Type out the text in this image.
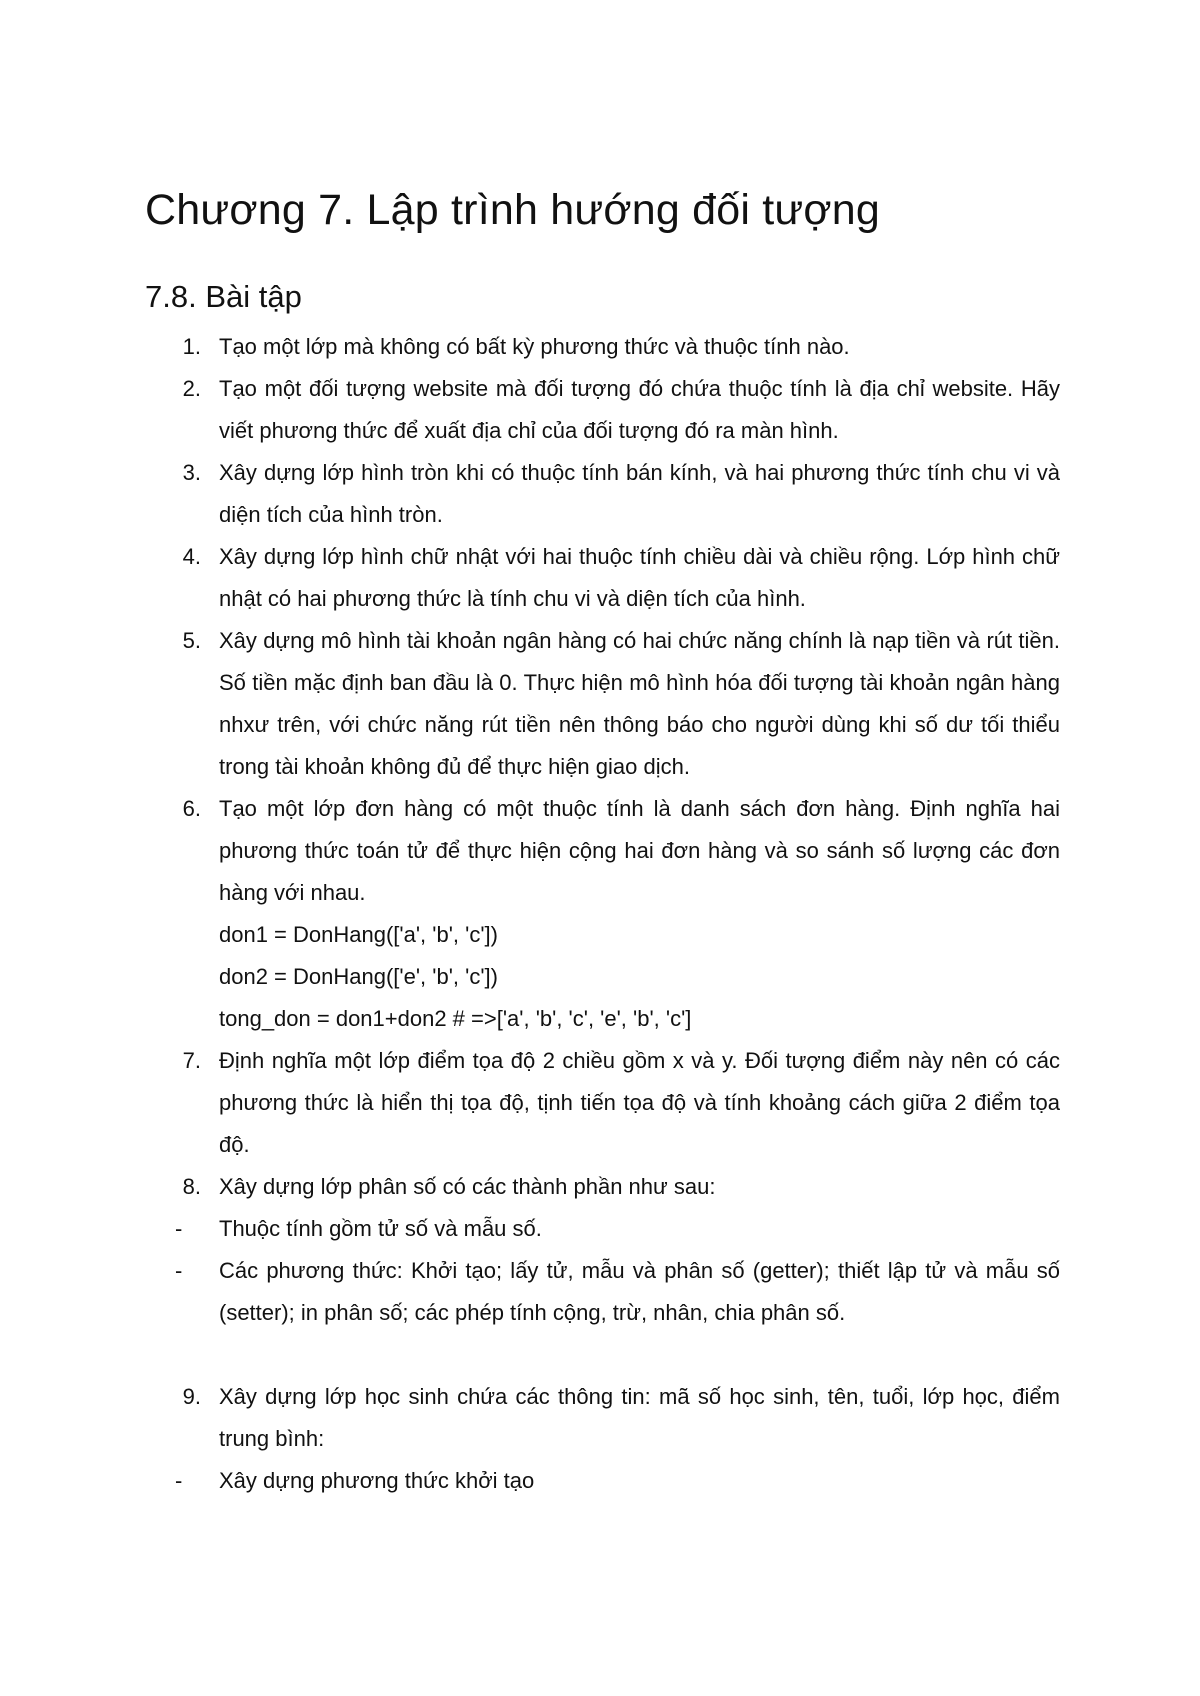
Chương 7. Lập trình hướng đối tượng
7.8. Bài tập
1. Tạo một lớp mà không có bất kỳ phương thức và thuộc tính nào.
2. Tạo một đối tượng website mà đối tượng đó chứa thuộc tính là địa chỉ website. Hãy viết phương thức để xuất địa chỉ của đối tượng đó ra màn hình.
3. Xây dựng lớp hình tròn khi có thuộc tính bán kính, và hai phương thức tính chu vi và diện tích của hình tròn.
4. Xây dựng lớp hình chữ nhật với hai thuộc tính chiều dài và chiều rộng. Lớp hình chữ nhật có hai phương thức là tính chu vi và diện tích của hình.
5. Xây dựng mô hình tài khoản ngân hàng có hai chức năng chính là nạp tiền và rút tiền. Số tiền mặc định ban đầu là 0. Thực hiện mô hình hóa đối tượng tài khoản ngân hàng nhxư trên, với chức năng rút tiền nên thông báo cho người dùng khi số dư tối thiểu trong tài khoản không đủ để thực hiện giao dịch.
6. Tạo một lớp đơn hàng có một thuộc tính là danh sách đơn hàng. Định nghĩa hai phương thức toán tử để thực hiện cộng hai đơn hàng và so sánh số lượng các đơn hàng với nhau.
don1 = DonHang(['a', 'b', 'c'])
don2 = DonHang(['e', 'b', 'c'])
tong_don = don1+don2 # =>['a', 'b', 'c', 'e', 'b', 'c']
7. Định nghĩa một lớp điểm tọa độ 2 chiều gồm x và y. Đối tượng điểm này nên có các phương thức là hiển thị tọa độ, tịnh tiến tọa độ và tính khoảng cách giữa 2 điểm tọa độ.
8. Xây dựng lớp phân số có các thành phần như sau:
- Thuộc tính gồm tử số và mẫu số.
- Các phương thức: Khởi tạo; lấy tử, mẫu và phân số (getter); thiết lập tử và mẫu số (setter); in phân số; các phép tính cộng, trừ, nhân, chia phân số.
9. Xây dựng lớp học sinh chứa các thông tin: mã số học sinh, tên, tuổi, lớp học, điểm trung bình:
- Xây dựng phương thức khởi tạo
